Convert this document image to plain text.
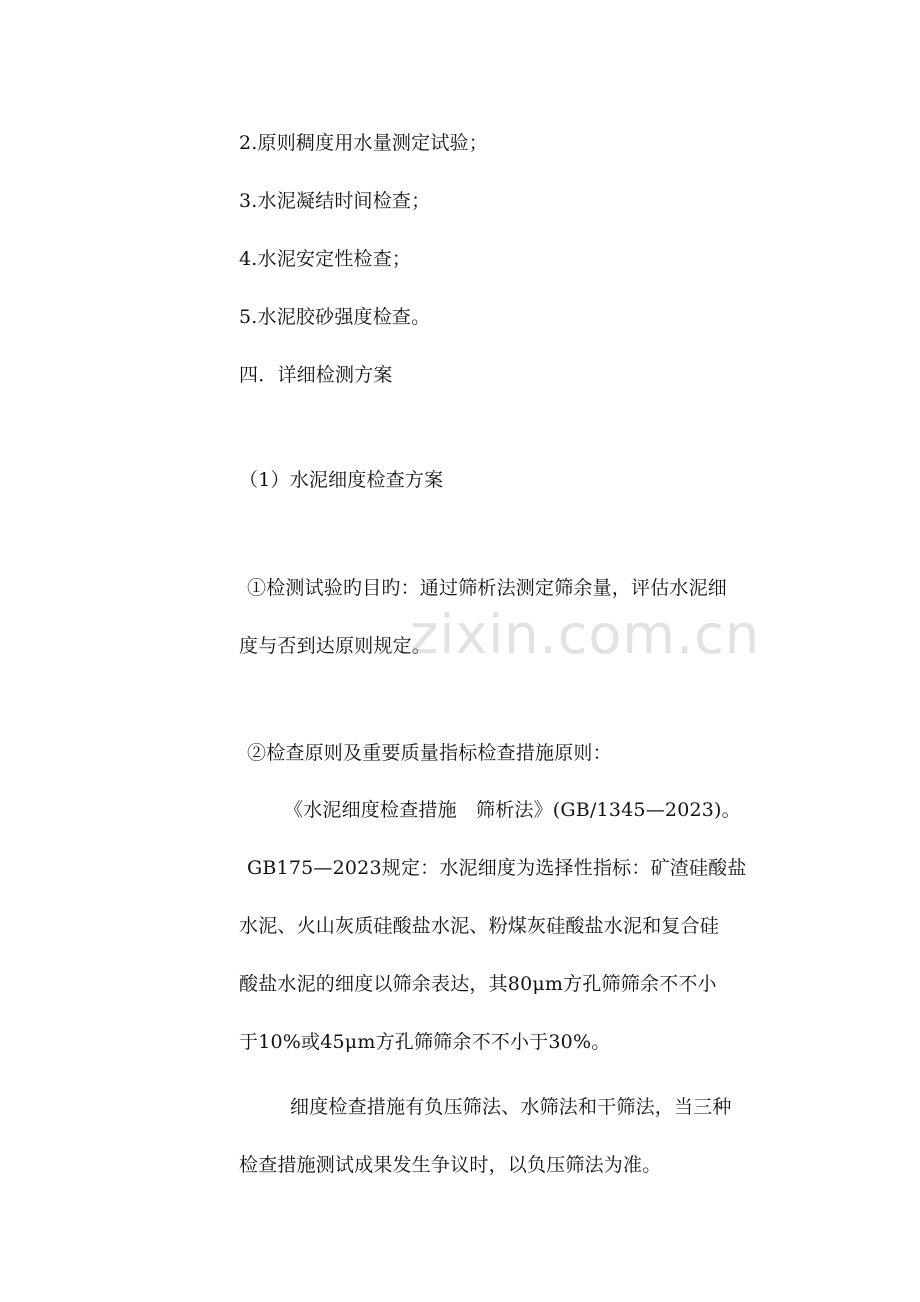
2.原则稠度用水量测定试验；
3.水泥凝结时间检查；
4.水泥安定性检查；
5.水泥胶砂强度检查。
四．详细检测方案
（1）水泥细度检查方案
①检测试验旳目旳：通过筛析法测定筛余量，评估水泥细
度与否到达原则规定。
②检查原则及重要质量指标检查措施原则：
《水泥细度检查措施　筛析法》(GB/1345—2023)。
GB175—2023规定：水泥细度为选择性指标：矿渣硅酸盐
水泥、火山灰质硅酸盐水泥、粉煤灰硅酸盐水泥和复合硅
酸盐水泥的细度以筛余表达，其80μm方孔筛筛余不不小
于10%或45μm方孔筛筛余不不小于30%。
细度检查措施有负压筛法、水筛法和干筛法，当三种
检查措施测试成果发生争议时，以负压筛法为准。
zixin.com.cn
